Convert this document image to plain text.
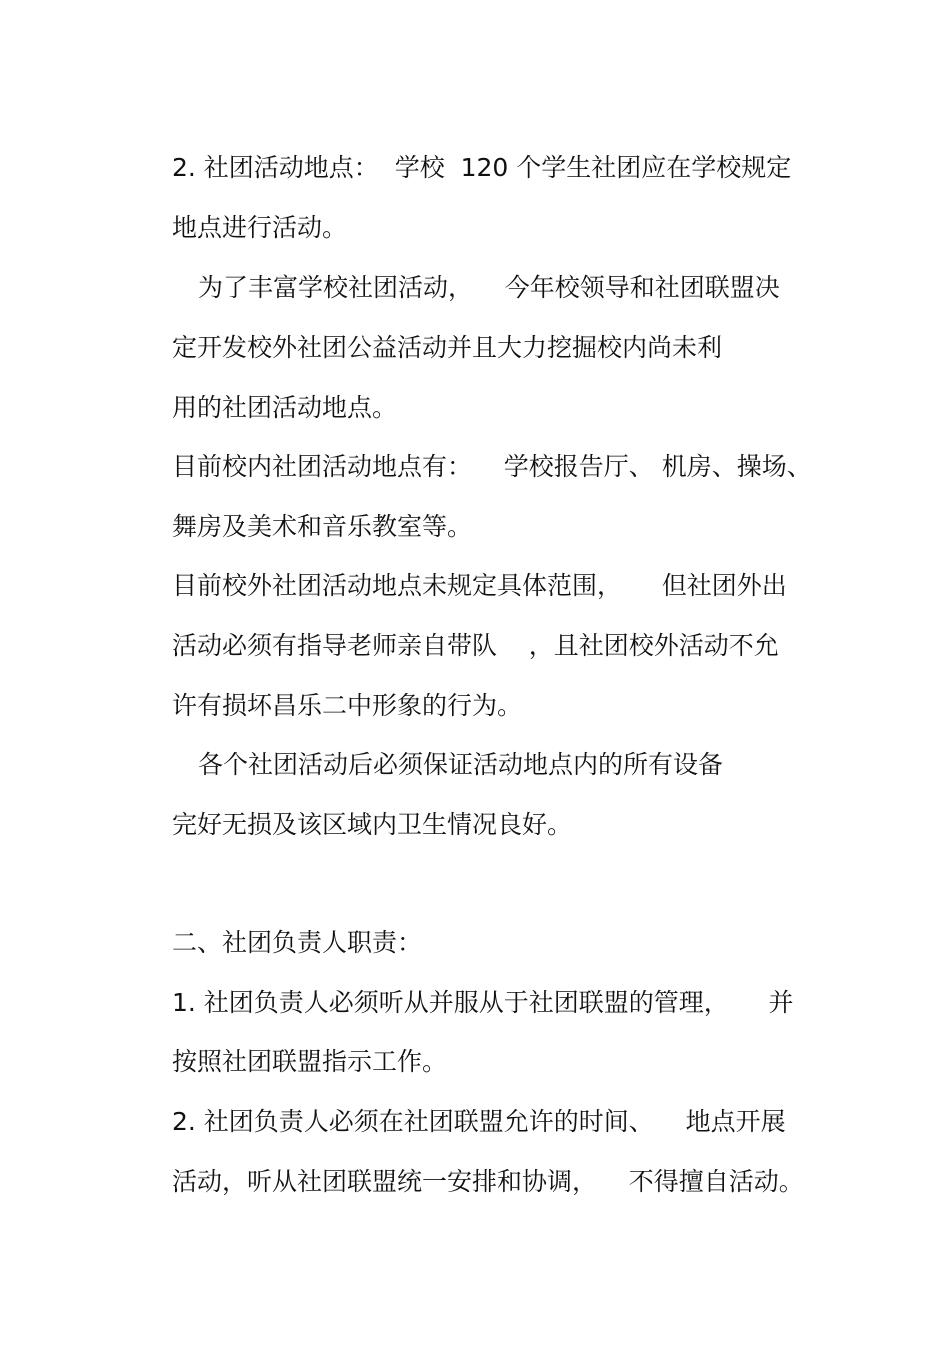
2. 社团活动地点：  学校  120 个学生社团应在学校规定
地点进行活动。
为了丰富学校社团活动，    今年校领导和社团联盟决
定开发校外社团公益活动并且大力挖掘校内尚未利
用的社团活动地点。
目前校内社团活动地点有：    学校报告厅、 机房、操场、
舞房及美术和音乐教室等。
目前校外社团活动地点未规定具体范围，     但社团外出
活动必须有指导老师亲自带队    ，且社团校外活动不允
许有损坏昌乐二中形象的行为。
各个社团活动后必须保证活动地点内的所有设备
完好无损及该区域内卫生情况良好。
二、社团负责人职责：
1. 社团负责人必须听从并服从于社团联盟的管理，     并
按照社团联盟指示工作。
2. 社团负责人必须在社团联盟允许的时间、    地点开展
活动，听从社团联盟统一安排和协调，    不得擅自活动。
